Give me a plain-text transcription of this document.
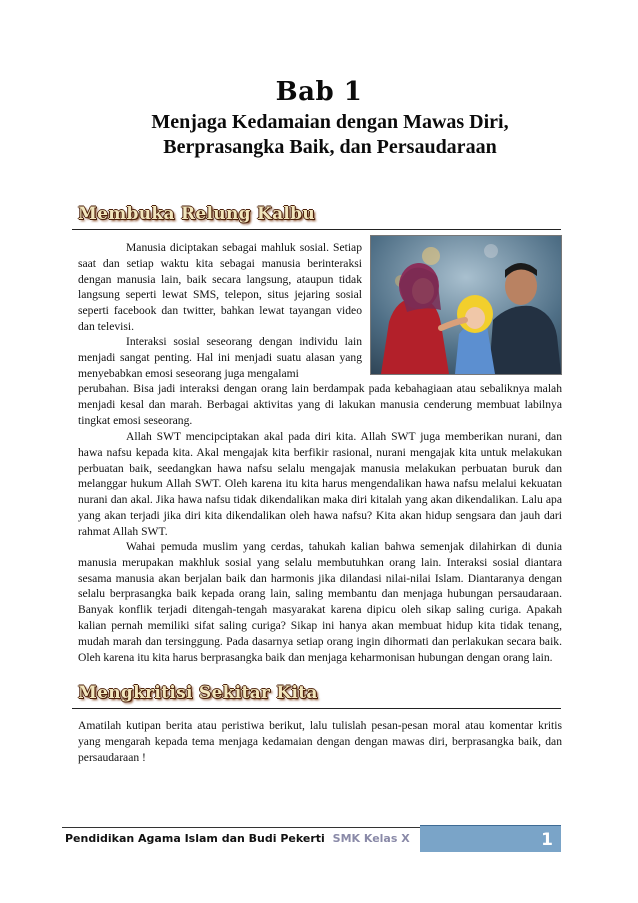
Bab 1
Menjaga Kedamaian dengan Mawas Diri,
Berprasangka Baik, dan Persaudaraan
Membuka Relung Kalbu

Manusia diciptakan sebagai mahluk sosial. Setiap saat dan setiap waktu kita sebagai manusia berinteraksi dengan manusia lain, baik secara langsung, ataupun tidak langsung seperti lewat SMS, telepon, situs jejaring sosial seperti facebook dan twitter, bahkan lewat tayangan video dan televisi.

Interaksi sosial seseorang dengan individu lain menjadi sangat penting. Hal ini menjadi suatu alasan yang menyebabkan emosi seseorang juga mengalami

perubahan. Bisa jadi interaksi dengan orang lain berdampak pada kebahagiaan atau sebaliknya malah menjadi kesal dan marah. Berbagai aktivitas yang di lakukan manusia cenderung membuat labilnya tingkat emosi seseorang.

Allah SWT mencipciptakan akal pada diri kita. Allah SWT juga memberikan nurani, dan hawa nafsu kepada kita. Akal mengajak kita berfikir rasional, nurani mengajak kita untuk melakukan perbuatan baik, seedangkan hawa nafsu selalu mengajak manusia melakukan perbuatan buruk dan melanggar hukum Allah SWT. Oleh karena itu kita harus mengendalikan hawa nafsu melalui kekuatan nurani dan akal. Jika hawa nafsu tidak dikendalikan maka diri kitalah yang akan dikendalikan. Lalu apa yang akan terjadi jika diri kita dikendalikan oleh hawa nafsu? Kita akan hidup sengsara dan jauh dari rahmat Allah SWT.

Wahai pemuda muslim yang cerdas, tahukah kalian bahwa semenjak dilahirkan di dunia manusia merupakan makhluk sosial yang selalu membutuhkan orang lain. Interaksi sosial diantara sesama manusia akan berjalan baik dan harmonis jika dilandasi nilai-nilai Islam. Diantaranya dengan selalu berprasangka baik kepada orang lain, saling membantu dan menjaga hubungan persaudaraan. Banyak konflik terjadi ditengah-tengah masyarakat karena dipicu oleh sikap saling curiga. Apakah kalian pernah memiliki sifat saling curiga? Sikap ini hanya akan membuat hidup kita tidak tenang, mudah marah dan tersinggung. Pada dasarnya setiap orang ingin dihormati dan perlakukan secara baik. Oleh karena itu kita harus berprasangka baik dan menjaga keharmonisan hubungan dengan orang lain.

Mengkritisi Sekitar Kita

Amatilah kutipan berita atau peristiwa berikut, lalu tulislah pesan-pesan moral atau komentar kritis yang mengarah kepada tema menjaga kedamaian dengan dengan mawas diri, berprasangka baik, dan persaudaraan !

1
Pendidikan Agama Islam dan Budi Pekerti SMK Kelas X
